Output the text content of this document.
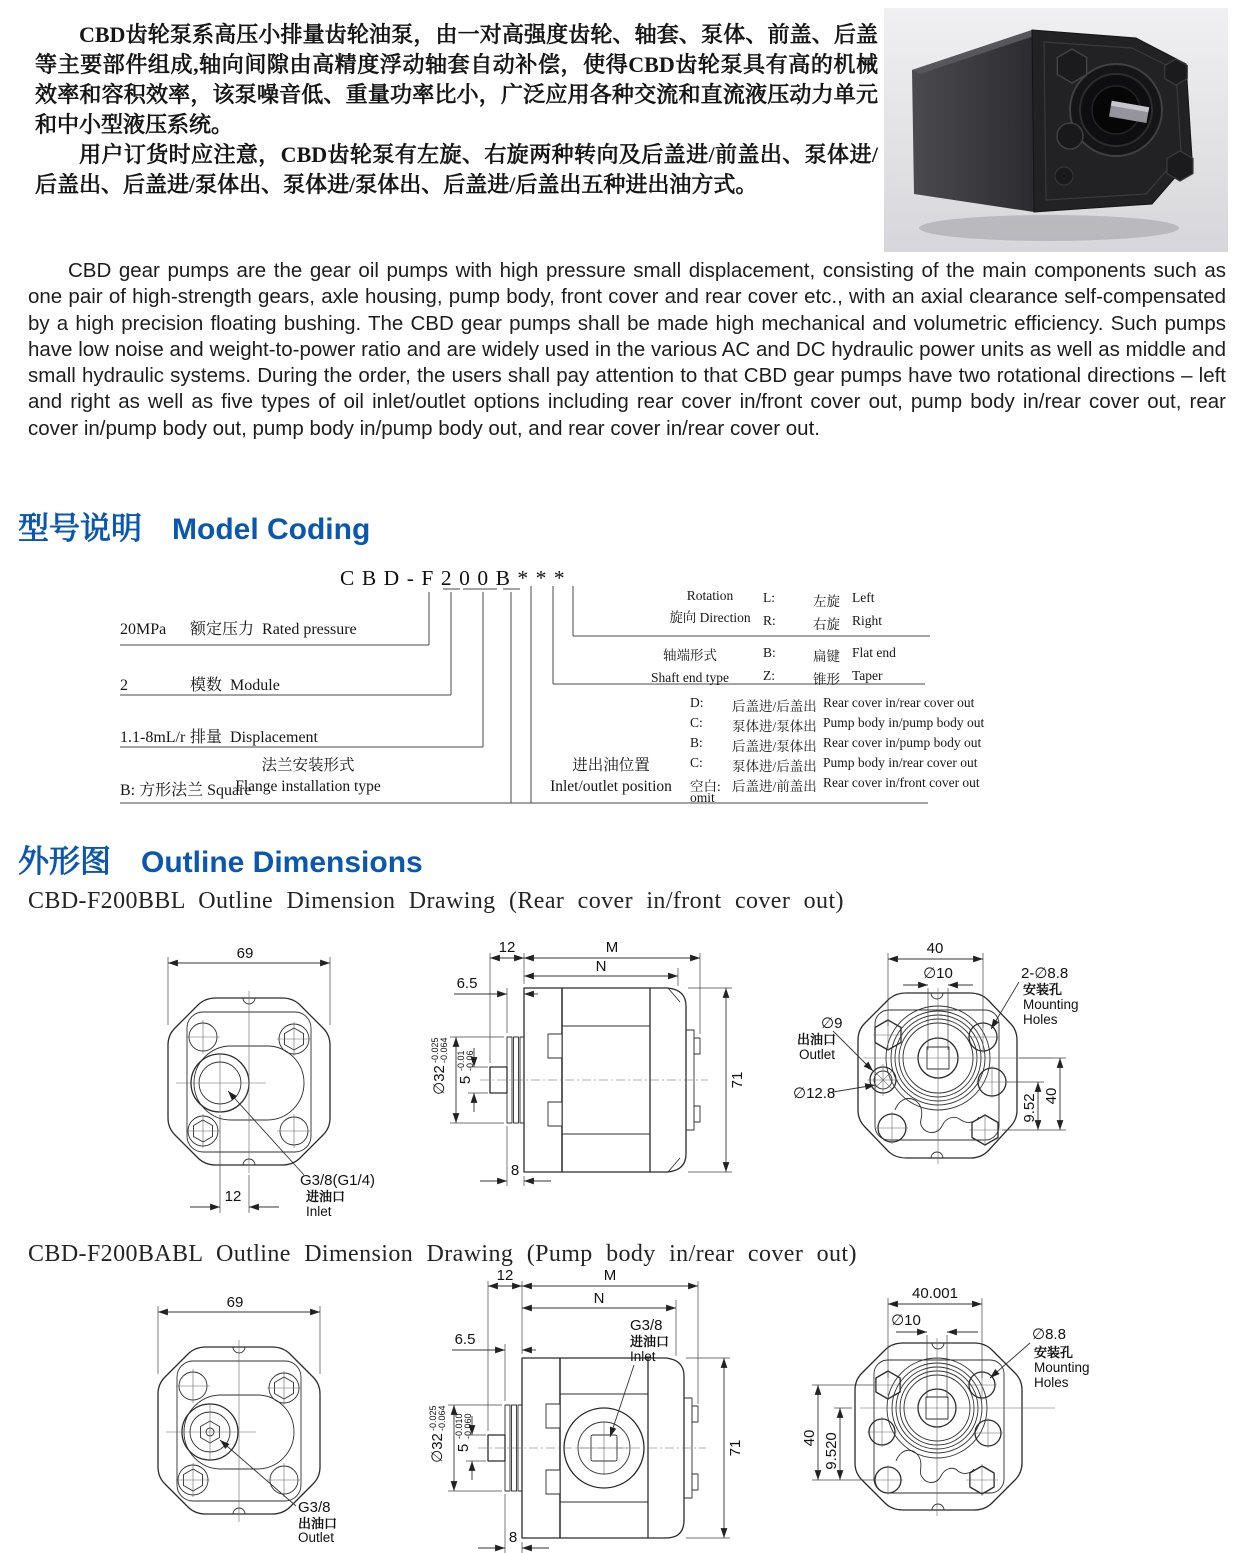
CBD齿轮泵系高压小排量齿轮油泵，由一对高强度齿轮、轴套、泵体、前盖、后盖等主要部件组成,轴向间隙由高精度浮动轴套自动补偿，使得CBD齿轮泵具有高的机械效率和容积效率，该泵噪音低、重量功率比小，广泛应用各种交流和直流液压动力单元和中小型液压系统。

用户订货时应注意，CBD齿轮泵有左旋、右旋两种转向及后盖进/前盖出、泵体进/后盖出、后盖进/泵体出、泵体进/泵体出、后盖进/后盖出五种进出油方式。

CBD gear pumps are the gear oil pumps with high pressure small displacement, consisting of the main components such as one pair of high-strength gears, axle housing, pump body, front cover and rear cover etc., with an axial clearance self-compensated by a high precision floating bushing. The CBD gear pumps shall be made high mechanical and volumetric efficiency. Such pumps have low noise and weight-to-power ratio and are widely used in the various AC and DC hydraulic power units as well as middle and small hydraulic systems. During the order, the users shall pay attention to that CBD gear pumps have two rotational directions – left and right as well as five types of oil inlet/outlet options including rear cover in/front cover out, pump body in/rear cover out, rear cover in/pump body out, pump body in/pump body out, and rear cover in/rear cover out.

型号说明 Model Coding
CBD-F200B***
20MPa 额定压力 Rated pressure
2	模数 Module
1.1-8mL/r 排量 Displacement
B: 方形法兰 Square
法兰安装形式
Flange installation type
进出油位置
Inlet/outlet position
Rotation
旋向 Direction
L:	左旋 Left
R:	右旋 Right
轴端形式
Shaft end type
B:	扁键 Flat end
Z:	锥形 Taper
D:	后盖进/后盖出 Rear cover in/rear cover out
C:	泵体进/泵体出 Pump body in/pump body out
B:	后盖进/泵体出 Rear cover in/pump body out
C:	泵体进/后盖出 Pump body in/rear cover out
空白: 后盖进/前盖出 Rear cover in/front cover out
omit
外形图 Outline Dimensions
CBD-F200BBL Outline Dimension Drawing (Rear cover in/front cover out)
69
12
G3/8(G1/4)
进油口
Inlet
12	M
N
6.5
∅32
-0.025 -0.064
5
-0.01 -0.06
8
71
40
∅10	2-∅8.8
安装孔
Mounting
Holes
∅9
出油口
Outlet
∅12.8	9.52 40
CBD-F200BABL Outline Dimension Drawing (Pump body in/rear cover out)
69
G3/8
出油口
Outlet
12	M
N
G3/8
进油口
Inlet
6.5
∅32
-0.025 -0.064
5
-0.010 -0.060
8
71
40.001
∅10
∅8.8
安装孔
Mounting
Holes
40 9.520
